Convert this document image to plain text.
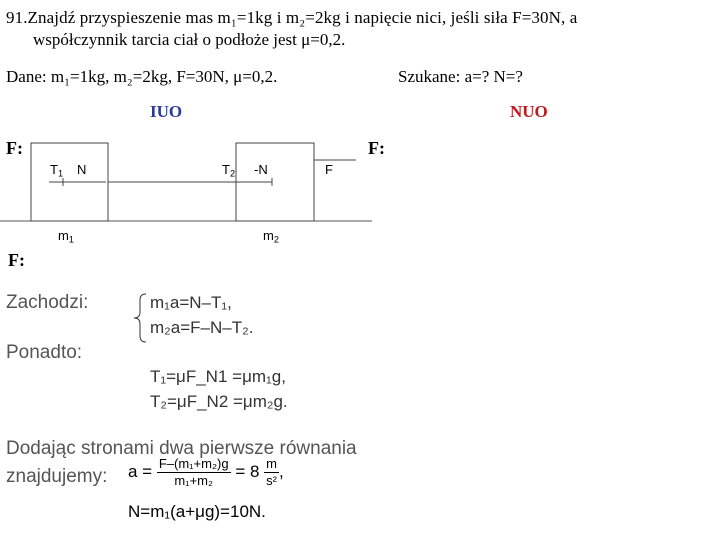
91.Znajdź przyspieszenie mas m₁=1kg i m₂=2kg i napięcie nici, jeśli siła F=30N, a
współczynnik tarcia ciał o podłoże jest μ=0,2.
Dane: m₁=1kg, m₂=2kg, F=30N, μ=0,2.	Szukane: a=? N=?
IUO	NUO
F:	F:
F:
$T_1$ N	$T_2$ -N	F
$m_1$	$m_2$
Zachodzi:	m₁a=N–T₁,
m₂a=F–N–T₂.
Ponadto:
T₁=μF_N1 =μm₁g,
T₂=μF_N2 =μm₂g.
Dodając stronami dwa pierwsze równania
znajdujemy: $a = \frac{\text{F–(m₁+m₂)g}}{\text{m₁+m₂}} = 8 \frac{m}{\text{s²}}$ ,
N=m₁(a+μg)=10N.
